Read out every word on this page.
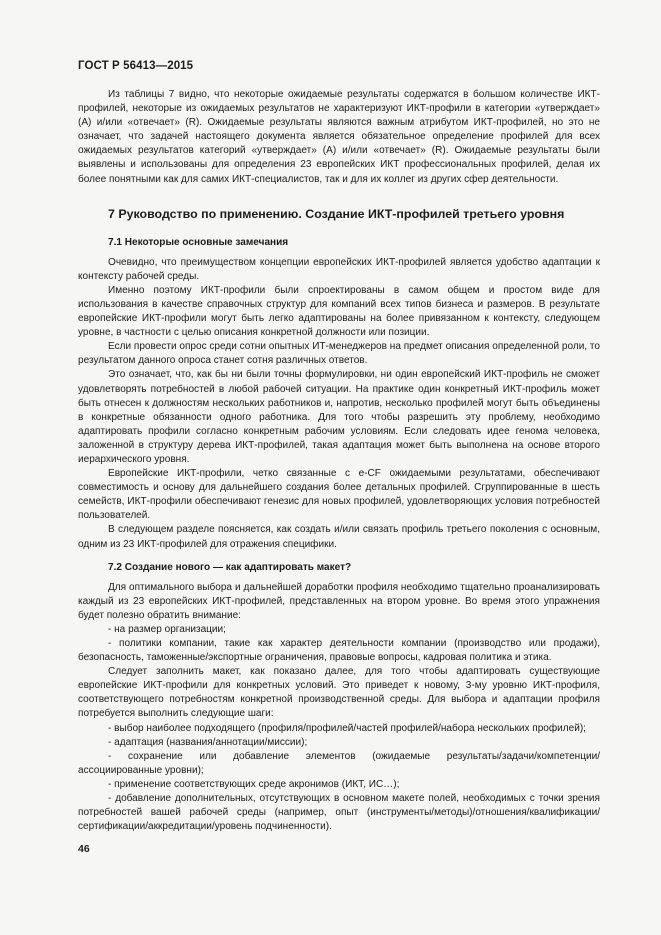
ГОСТ Р 56413—2015

Из таблицы 7 видно, что некоторые ожидаемые результаты содержатся в большом количестве ИКТ-профилей, некоторые из ожидаемых результатов не характеризуют ИКТ-профили в категории «утверждает» (А) и/или «отвечает» (R). Ожидаемые результаты являются важным атрибутом ИКТ-профилей, но это не означает, что задачей настоящего документа является обязательное определение профилей для всех ожидаемых результатов категорий «утверждает» (А) и/или «отвечает» (R). Ожидаемые результаты были выявлены и использованы для определения 23 европейских ИКТ профессиональных профилей, делая их более понятными как для самих ИКТ-специалистов, так и для их коллег из других сфер деятельности.

7 Руководство по применению. Создание ИКТ-профилей третьего уровня
7.1 Некоторые основные замечания

Очевидно, что преимуществом концепции европейских ИКТ-профилей является удобство адаптации к контексту рабочей среды.

Именно поэтому ИКТ-профили были спроектированы в самом общем и простом виде для использования в качестве справочных структур для компаний всех типов бизнеса и размеров. В результате европейские ИКТ-профили могут быть легко адаптированы на более привязанном к контексту, следующем уровне, в частности с целью описания конкретной должности или позиции.

Если провести опрос среди сотни опытных ИТ-менеджеров на предмет описания определенной роли, то результатом данного опроса станет сотня различных ответов.

Это означает, что, как бы ни были точны формулировки, ни один европейский ИКТ-профиль не сможет удовлетворять потребностей в любой рабочей ситуации. На практике один конкретный ИКТ-профиль может быть отнесен к должностям нескольких работников и, напротив, несколько профилей могут быть объединены в конкретные обязанности одного работника. Для того чтобы разрешить эту проблему, необходимо адаптировать профили согласно конкретным рабочим условиям. Если следовать идее генома человека, заложенной в структуру дерева ИКТ-профилей, такая адаптация может быть выполнена на основе второго иерархического уровня.

Европейские ИКТ-профили, четко связанные с e-CF ожидаемыми результатами, обеспечивают совместимость и основу для дальнейшего создания более детальных профилей. Сгруппированные в шесть семейств, ИКТ-профили обеспечивают генезис для новых профилей, удовлетворяющих условия потребностей пользователей.

В следующем разделе поясняется, как создать и/или связать профиль третьего поколения с основным, одним из 23 ИКТ-профилей для отражения специфики.

7.2 Создание нового — как адаптировать макет?

Для оптимального выбора и дальнейшей доработки профиля необходимо тщательно проанализировать каждый из 23 европейских ИКТ-профилей, представленных на втором уровне. Во время этого упражнения будет полезно обратить внимание:

- на размер организации;

- политики компании, такие как характер деятельности компании (производство или продажи), безопасность, таможенные/экспортные ограничения, правовые вопросы, кадровая политика и этика.

Следует заполнить макет, как показано далее, для того чтобы адаптировать существующие европейские ИКТ-профили для конкретных условий. Это приведет к новому, 3-му уровню ИКТ-профиля, соответствующего потребностям конкретной производственной среды. Для выбора и адаптации профиля потребуется выполнить следующие шаги:

- выбор наиболее подходящего (профиля/профилей/частей профилей/набора нескольких профилей);

- адаптация (названия/аннотации/миссии);

- сохранение или добавление элементов (ожидаемые результаты/задачи/компетенции/ассоциированные уровни);

- применение соответствующих среде акронимов (ИКТ, ИС…);

- добавление дополнительных, отсутствующих в основном макете полей, необходимых с точки зрения потребностей вашей рабочей среды (например, опыт (инструменты/методы)/отношения/квалификации/сертификации/аккредитации/уровень подчиненности).

46
